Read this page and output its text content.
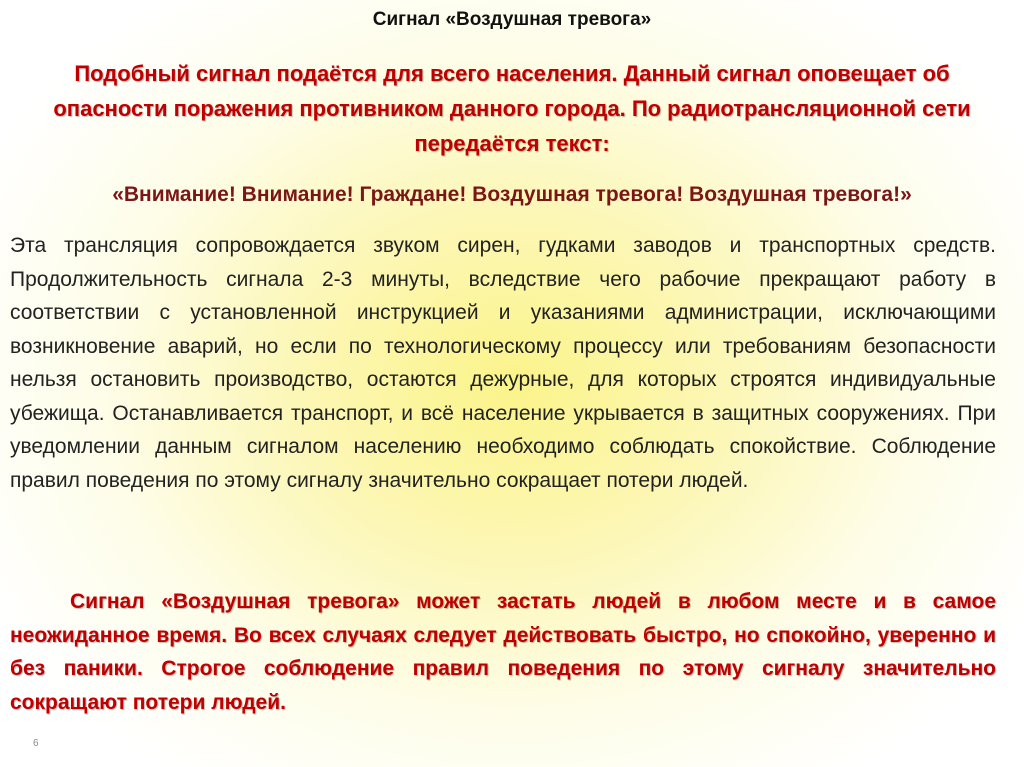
Сигнал «Воздушная тревога»
Подобный сигнал подаётся для всего населения. Данный сигнал оповещает об опасности поражения противником данного города. По радиотрансляционной сети передаётся текст:
«Внимание! Внимание! Граждане! Воздушная тревога! Воздушная тревога!»
Эта трансляция сопровождается звуком сирен, гудками заводов и транспортных средств. Продолжительность сигнала 2-3 минуты, вследствие чего рабочие прекращают работу в соответствии с установленной инструкцией и указаниями администрации, исключающими возникновение аварий, но если по технологическому процессу или требованиям безопасности нельзя остановить производство, остаются дежурные, для которых строятся индивидуальные убежища. Останавливается транспорт, и всё население укрывается в защитных сооружениях. При уведомлении данным сигналом населению необходимо соблюдать спокойствие. Соблюдение правил поведения по этому сигналу значительно сокращает потери людей.
Сигнал «Воздушная тревога» может застать людей в любом месте и в самое неожиданное время. Во всех случаях следует действовать быстро, но спокойно, уверенно и без паники. Строгое соблюдение правил поведения по этому сигналу значительно сокращают потери людей.
6
